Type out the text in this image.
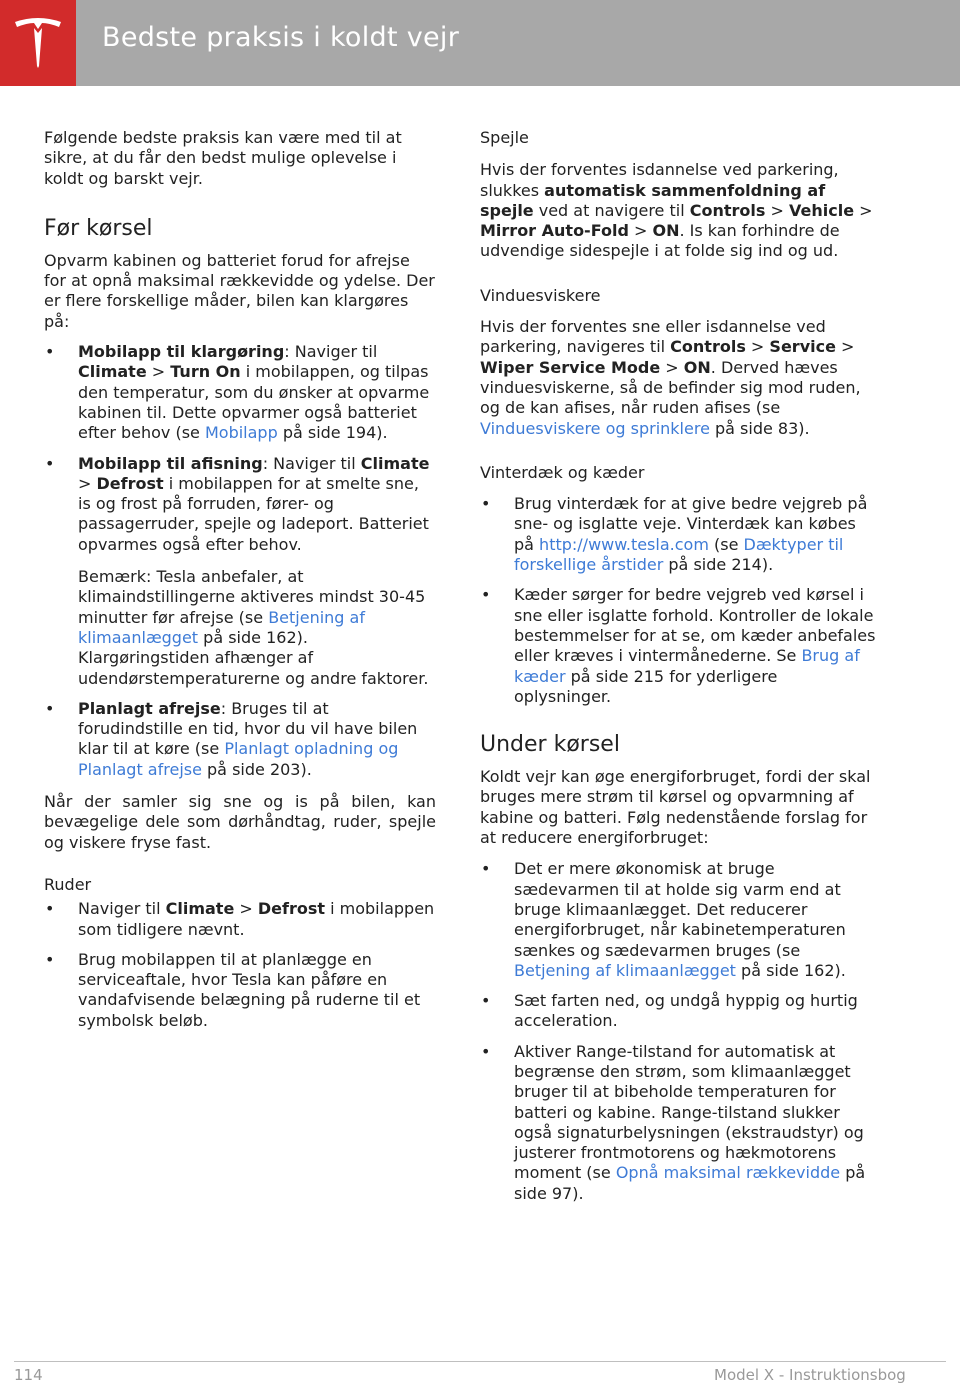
Bedste praksis i koldt vejr

Følgende bedste praksis kan være med til at sikre, at du får den bedst mulige oplevelse i koldt og barskt vejr.

Før kørsel

Opvarm kabinen og batteriet forud for afrejse for at opnå maksimal rækkevidde og ydelse. Der er flere forskellige måder, bilen kan klargøres på:

• Mobilapp til klargøring: Naviger til Climate > Turn On i mobilappen, og tilpas den temperatur, som du ønsker at opvarme kabinen til. Dette opvarmer også batteriet efter behov (se Mobilapp på side 194).
• Mobilapp til afisning: Naviger til Climate > Defrost i mobilappen for at smelte sne, is og frost på forruden, fører- og passagerruder, spejle og ladeport. Batteriet opvarmes også efter behov.

Bemærk: Tesla anbefaler, at klimaindstillingerne aktiveres mindst 30-45 minutter før afrejse (se Betjening af klimaanlægget på side 162). Klargøringstiden afhænger af udendørstemperaturerne og andre faktorer.

• Planlagt afrejse: Bruges til at forudindstille en tid, hvor du vil have bilen klar til at køre (se Planlagt opladning og Planlagt afrejse på side 203).

Når der samler sig sne og is på bilen, kan bevægelige dele som dørhåndtag, ruder, spejle og viskere fryse fast.

Ruder
• Naviger til Climate > Defrost i mobilappen som tidligere nævnt.
• Brug mobilappen til at planlægge en serviceaftale, hvor Tesla kan påføre en vandafvisende belægning på ruderne til et symbolsk beløb.
Spejle

Hvis der forventes isdannelse ved parkering, slukkes automatisk sammenfoldning af spejle ved at navigere til Controls > Vehicle > Mirror Auto-Fold > ON. Is kan forhindre de udvendige sidespejle i at folde sig ind og ud.

Vinduesviskere

Hvis der forventes sne eller isdannelse ved parkering, navigeres til Controls > Service > Wiper Service Mode > ON. Derved hæves vinduesviskerne, så de befinder sig mod ruden, og de kan afises, når ruden afises (se Vinduesviskere og sprinklere på side 83).

Vinterdæk og kæder
• Brug vinterdæk for at give bedre vejgreb på sne- og isglatte veje. Vinterdæk kan købes på http://www.tesla.com (se Dæktyper til forskellige årstider på side 214).
• Kæder sørger for bedre vejgreb ved kørsel i sne eller isglatte forhold. Kontroller de lokale bestemmelser for at se, om kæder anbefales eller kræves i vintermånederne. Se Brug af kæder på side 215 for yderligere oplysninger.
Under kørsel

Koldt vejr kan øge energiforbruget, fordi der skal bruges mere strøm til kørsel og opvarmning af kabine og batteri. Følg nedenstående forslag for at reducere energiforbruget:

• Det er mere økonomisk at bruge sædevarmen til at holde sig varm end at bruge klimaanlægget. Det reducerer energiforbruget, når kabinetemperaturen sænkes og sædevarmen bruges (se Betjening af klimaanlægget på side 162).
• Sæt farten ned, og undgå hyppig og hurtig acceleration.
• Aktiver Range-tilstand for automatisk at begrænse den strøm, som klimaanlægget bruger til at bibeholde temperaturen for batteri og kabine. Range-tilstand slukker også signaturbelysningen (ekstraudstyr) og justerer frontmotorens og hækmotorens moment (se Opnå maksimal rækkevidde på side 97).
114	Model X - Instruktionsbog
